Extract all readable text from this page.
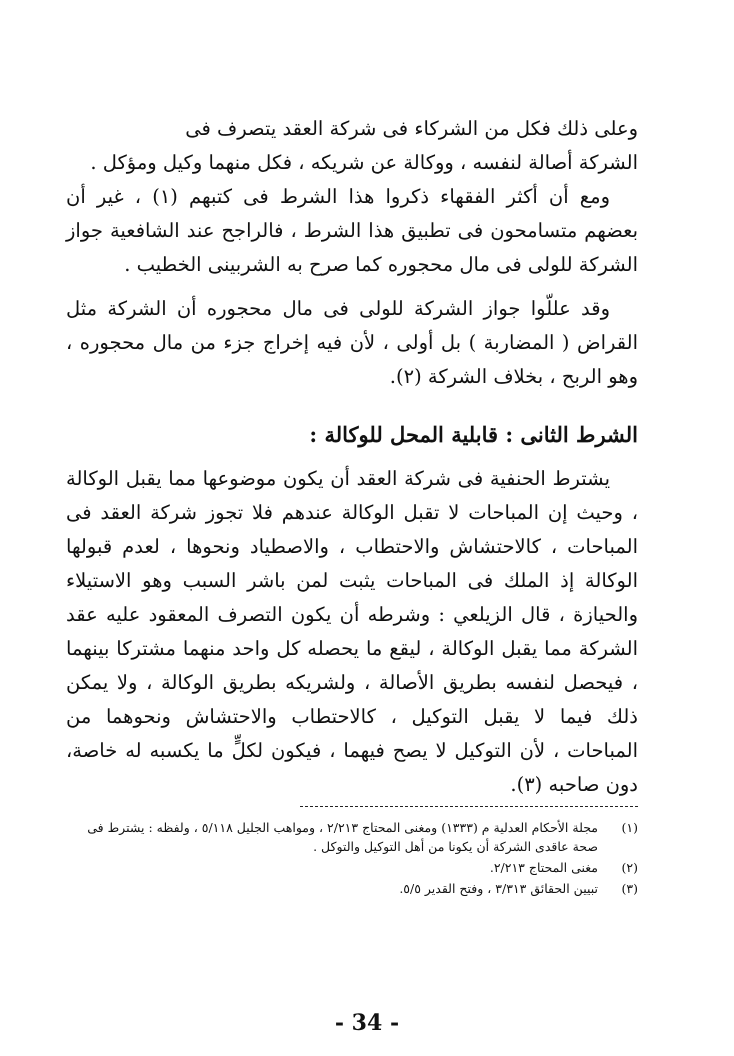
وعلى ذلك فكل من الشركاء فى شركة العقد يتصرف فى

الشركة أصالة لنفسه ، ووكالة عن شريكه ، فكل منهما وكيل ومؤكل .

ومع أن أكثر الفقهاء ذكروا هذا الشرط فى كتبهم (١) ، غير أن بعضهم متسامحون فى تطبيق هذا الشرط ، فالراجح عند الشافعية جواز الشركة للولى فى مال محجوره كما صرح به الشربينى الخطيب .

وقد عللّوا جواز الشركة للولى فى مال محجوره أن الشركة مثل القراض ( المضاربة ) بل أولى ، لأن فيه إخراج جزء من مال محجوره ، وهو الربح ، بخلاف الشركة (٢).

الشرط الثانى : قابلية المحل للوكالة :

يشترط الحنفية فى شركة العقد أن يكون موضوعها مما يقبل الوكالة ، وحيث إن المباحات لا تقبل الوكالة عندهم فلا تجوز شركة العقد فى المباحات ، كالاحتشاش والاحتطاب ، والاصطياد ونحوها ، لعدم قبولها الوكالة إذ الملك فى المباحات يثبت لمن باشر السبب وهو الاستيلاء والحيازة ، قال الزيلعي : وشرطه أن يكون التصرف المعقود عليه عقد الشركة مما يقبل الوكالة ، ليقع ما يحصله كل واحد منهما مشتركا بينهما ، فيحصل لنفسه بطريق الأصالة ، ولشريكه بطريق الوكالة ، ولا يمكن ذلك فيما لا يقبل التوكيل ، كالاحتطاب والاحتشاش ونحوهما من المباحات ، لأن التوكيل لا يصح فيهما ، فيكون لكلٍّ ما يكسبه له خاصة، دون صاحبه (٣).

(١)
مجلة الأحكام العدلية م (١٣٣٣) ومغنى المحتاج ٢/٢١٣ ، ومواهب الجليل ٥/١١٨ ، ولفظه : يشترط فى صحة عاقدى الشركة أن يكونا من أهل التوكيل والتوكل .
(٢)
مغنى المحتاج ٢/٢١٣.
(٣)
تبيين الحقائق ٣/٣١٣ ، وفتح القدير ٥/٥.
- 34 -
